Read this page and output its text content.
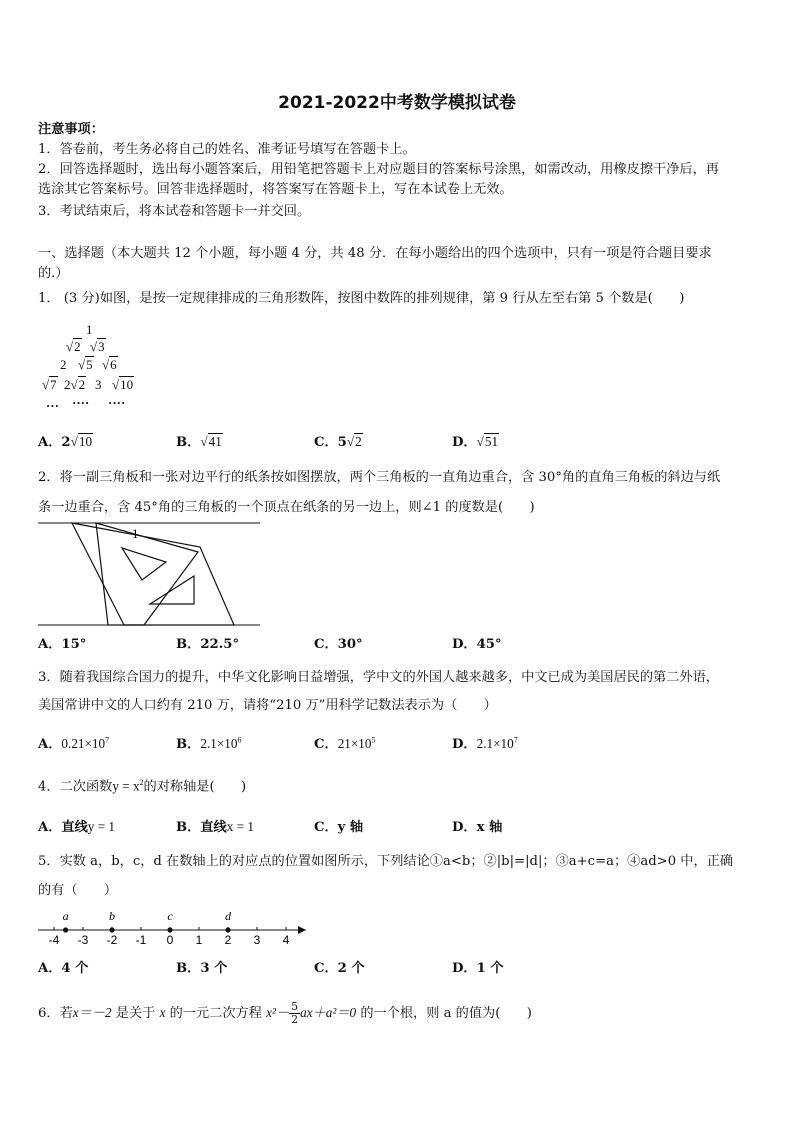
2021-2022中考数学模拟试卷
注意事项：
1．答卷前，考生务必将自己的姓名、准考证号填写在答题卡上。
2．回答选择题时，选出每小题答案后，用铅笔把答题卡上对应题目的答案标号涂黑，如需改动，用橡皮擦干净后，再
选涂其它答案标号。回答非选择题时，将答案写在答题卡上，写在本试卷上无效。
3．考试结束后，将本试卷和答题卡一并交回。
一、选择题（本大题共 12 个小题，每小题 4 分，共 48 分．在每小题给出的四个选项中，只有一项是符合题目要求
的.）
1． (3 分)如图，是按一定规律排成的三角形数阵，按图中数阵的排列规律，第 9 行从左至右第 5 个数是(　　)
1
√2 √3
2 √5 √6
√7 2√2 3 √10
… ···· ····
A．2√10	B．√41	C．5√2	D．√51
2．将一副三角板和一张对边平行的纸条按如图摆放，两个三角板的一直角边重合，含 30°角的直角三角板的斜边与纸
条一边重合，含 45°角的三角板的一个顶点在纸条的另一边上，则∠1 的度数是(　　)
1
A．15°	B．22.5°	C．30°	D．45°
3．随着我国综合国力的提升，中华文化影响日益增强，学中文的外国人越来越多，中文已成为美国居民的第二外语，
美国常讲中文的人口约有 210 万，请将“210 万”用科学记数法表示为（　　）
A．$0.21\times 10^7$	B．$2.1\times 10^6$	C．$21\times 10^5$	D．$2.1\times 10^7$
4．二次函数$y = x^2$的对称轴是(　　)
A．直线y = 1	B．直线x = 1	C．y 轴	D．x 轴
5．实数 a，b，c，d 在数轴上的对应点的位置如图所示，下列结论①a<b；②|b|=|d|；③a+c=a；④ad>0 中，正确
的有（　　）
-4 -3 -2 -1 0 1 2 3 4
a	b	c	d
A．4 个	B．3 个	C．2 个	D．1 个
6．若x＝－2 是关于 x 的一元二次方程 $x^2- \frac{5}{2} ax+a^2=0$ 的一个根，则 a 的值为(　　)
